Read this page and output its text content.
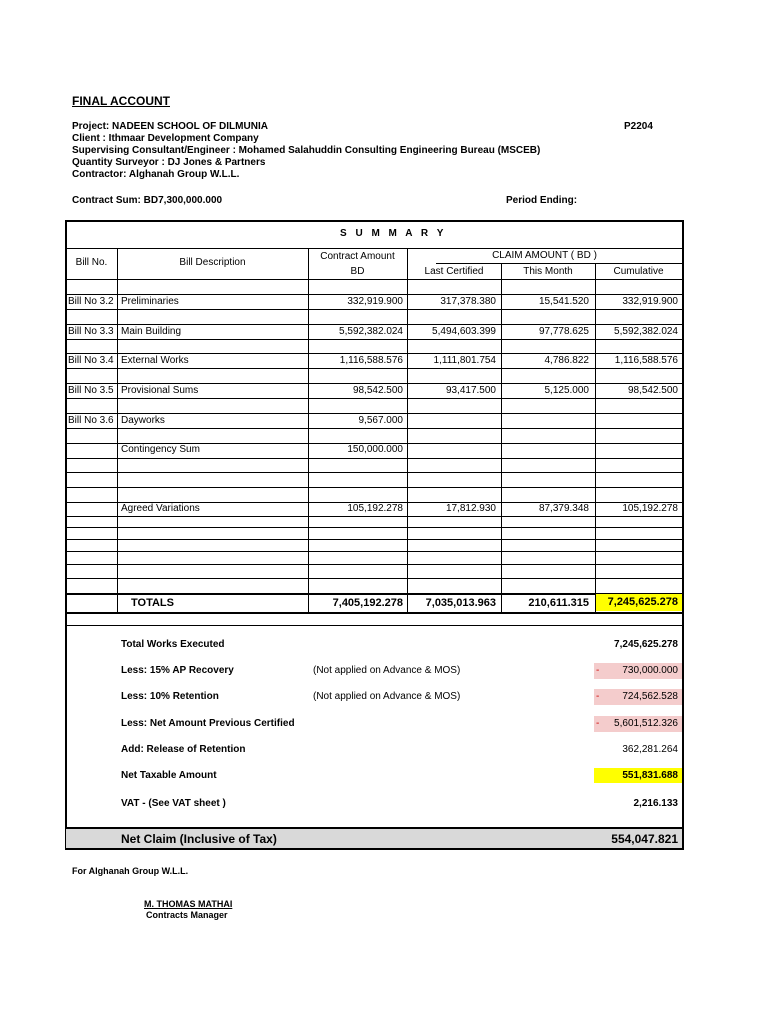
FINAL ACCOUNT
Project: NADEEN SCHOOL OF DILMUNIA	P2204
Client : Ithmaar Development Company
Supervising Consultant/Engineer : Mohamed Salahuddin Consulting Engineering Bureau (MSCEB)
Quantity Surveyor : DJ Jones & Partners
Contractor: Alghanah Group W.L.L.
Contract Sum: BD7,300,000.000	Period Ending:
S U M M A R Y
Bill No.	Bill Description
Contract Amount
BD
CLAIM AMOUNT ( BD )
Last Certified	This Month	Cumulative
Bill No 3.2 Preliminaries	332,919.900	317,378.380	15,541.520	332,919.900
Bill No 3.3 Main Building	5,592,382.024	5,494,603.399	97,778.625	5,592,382.024
Bill No 3.4 External Works	1,116,588.576	1,111,801.754	4,786.822	1,116,588.576
Bill No 3.5 Provisional Sums	98,542.500	93,417.500	5,125.000	98,542.500
Bill No 3.6 Dayworks	9,567.000
Contingency Sum	150,000.000
Agreed Variations	105,192.278	17,812.930	87,379.348	105,192.278
TOTALS	7,405,192.278	7,035,013.963	210,611.315	7,245,625.278
Total Works Executed	7,245,625.278
Less: 15% AP Recovery	(Not applied on Advance & MOS)	- 730,000.000
Less: 10% Retention	(Not applied on Advance & MOS)	- 724,562.528
Less: Net Amount Previous Certified	- 5,601,512.326
Add: Release of Retention	362,281.264
Net Taxable Amount	551,831.688
VAT - (See VAT sheet )	2,216.133
Net Claim (Inclusive of Tax)	554,047.821
For Alghanah Group W.L.L.
M. THOMAS MATHAI
Contracts Manager
